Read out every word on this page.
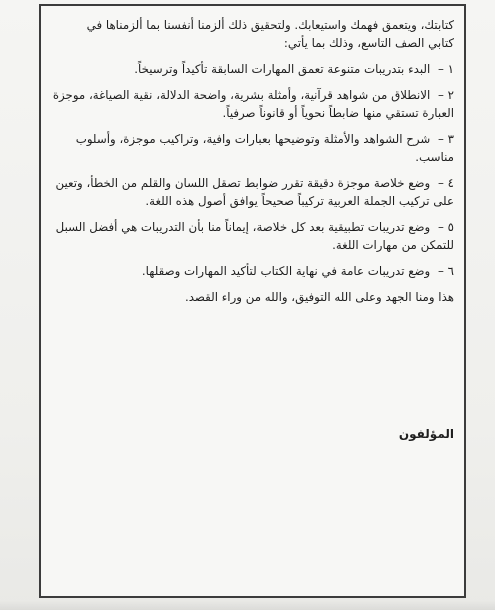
كتابتك، ويتعمق فهمك واستيعابك. ولتحقيق ذلك ألزمنا أنفسنا بما ألزمناها في
كتابي الصف التاسع، وذلك بما يأتي:
١ – البدء بتدريبات متنوعة تعمق المهارات السابقة تأكيداً وترسيخاً.
٢ – الانطلاق من شواهد قرآنية، وأمثلة بشرية، واضحة الدلالة، نقية الصياغة، موجزة
العبارة تستقي منها ضابطاً نحوياً أو قانوناً صرفياً.
٣ – شرح الشواهد والأمثلة وتوضيحها بعبارات وافية، وتراكيب موجزة، وأسلوب
مناسب.
٤ – وضع خلاصة موجزة دقيقة تقرر ضوابط تصقل اللسان والقلم من الخطأ، وتعين
على تركيب الجملة العربية تركيباً صحيحاً يوافق أصول هذه اللغة.
٥ – وضع تدريبات تطبيقية بعد كل خلاصة، إيماناً منا بأن التدريبات هي أفضل السبل
للتمكن من مهارات اللغة.
٦ – وضع تدريبات عامة في نهاية الكتاب لتأكيد المهارات وصقلها.
هذا ومنا الجهد وعلى الله التوفيق، والله من وراء القصد.
المؤلفون
